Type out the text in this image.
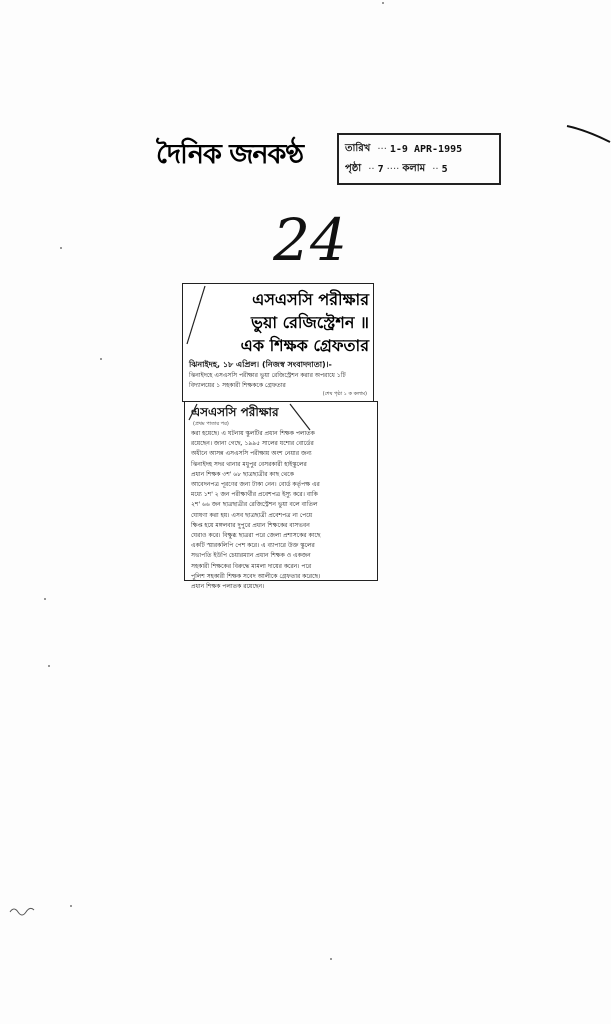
দৈনিক জনকণ্ঠ	তারিখ ··· 1-9 APR-1995
পৃষ্ঠা ·· 7 ···· কলাম ·· 5
24
এসএসসি পরীক্ষার
ভুয়া রেজিস্ট্রেশন ॥
এক শিক্ষক গ্রেফতার
ঝিনাইদহ, ১৮ এপ্রিল। (নিজস্ব সংবাদদাতা)।-
ঝিনাইদহে এসএসসি পরীক্ষার ভুয়া রেজিস্ট্রেশন করার অপরাধে ১টি বিদ্যালয়ের ১ সহকারী শিক্ষককে গ্রেফতার
(শেষ পৃষ্ঠা ১ ক কলাম)
এসএসসি পরীক্ষার
(প্রথম পাতার পর)
করা হয়েছে। এ ঘটনায় স্কুলটির প্রধান শিক্ষক পলাতক
রয়েছেন। জানা গেছে, ১৯৯৫ সালের যশোর বোর্ডের
অধীনে আসন্ন এসএসসি পরীক্ষায় অংশ নেয়ার জন্য
ঝিনাইদহ সদর থানার মধুপুর বেসরকারী হাইস্কুলের
প্রধান শিক্ষক ৩শ' ৬৮ ছাত্রছাত্রীর কাছ থেকে
আবেদনপত্র পূরণের জন্য টাকা নেন। বোর্ড কর্তৃপক্ষ এর
মধ্যে ১শ' ২ জন পরীক্ষার্থীর প্রবেশপত্র ইস্যু করে। বাকি
২শ' ৬৬ জন ছাত্রছাত্রীর রেজিস্ট্রেশন ভুয়া বলে বাতিল
ঘোষণা করা হয়। এসব ছাত্রছাত্রী প্রবেশপত্র না পেয়ে
ক্ষিপ্ত হয়ে মঙ্গলবার দুপুরে প্রধান শিক্ষকের বাসভবন
ঘেরাও করে। বিক্ষুব্ধ ছাত্ররা পরে জেলা প্রশাসকের কাছে
একটি স্মারকলিপি পেশ করে। এ ব্যাপারে উক্ত স্কুলের
সভাপতি ইউপি চেয়ারম্যান প্রধান শিক্ষক ও একজন
সহকারী শিক্ষকের বিরুদ্ধে মামলা দায়ের করেন। পরে
পুলিশ সহকারী শিক্ষক সবেদ আলীকে গ্রেফতার করেছে।
প্রধান শিক্ষক পলাতক রয়েছেন।
